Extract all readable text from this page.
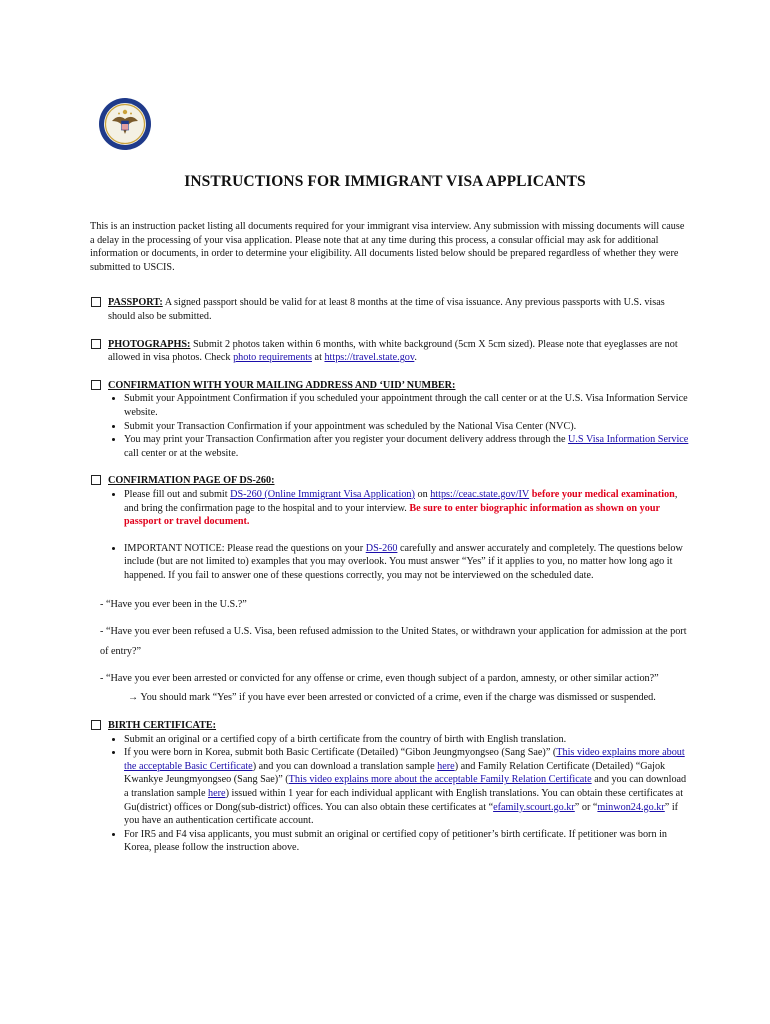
INSTRUCTIONS FOR IMMIGRANT VISA APPLICANTS

This is an instruction packet listing all documents required for your immigrant visa interview. Any submission with missing documents will cause a delay in the processing of your visa application. Please note that at any time during this process, a consular official may ask for additional information or documents, in order to determine your eligibility. All documents listed below should be prepared regardless of whether they were submitted to USCIS.

PASSPORT: A signed passport should be valid for at least 8 months at the time of visa issuance. Any previous passports with U.S. visas should also be submitted.
PHOTOGRAPHS: Submit 2 photos taken within 6 months, with white background (5cm X 5cm sized). Please note that eyeglasses are not allowed in visa photos. Check photo requirements at https://travel.state.gov.
CONFIRMATION WITH YOUR MAILING ADDRESS AND ‘UID’ NUMBER:
• Submit your Appointment Confirmation if you scheduled your appointment through the call center or at the U.S. Visa Information Service website.
• Submit your Transaction Confirmation if your appointment was scheduled by the National Visa Center (NVC).
• You may print your Transaction Confirmation after you register your document delivery address through the U.S Visa Information Service call center or at the website.
CONFIRMATION PAGE OF DS-260:
• Please fill out and submit DS-260 (Online Immigrant Visa Application) on https://ceac.state.gov/IV before your medical examination, and bring the confirmation page to the hospital and to your interview. Be sure to enter biographic information as shown on your passport or travel document.
• IMPORTANT NOTICE: Please read the questions on your DS-260 carefully and answer accurately and completely. The questions below include (but are not limited to) examples that you may overlook. You must answer “Yes” if it applies to you, no matter how long ago it happened. If you fail to answer one of these questions correctly, you may not be interviewed on the scheduled date.

- “Have you ever been in the U.S.?”

- “Have you ever been refused a U.S. Visa, been refused admission to the United States, or withdrawn your application for admission at the port of entry?”

- “Have you ever been arrested or convicted for any offense or crime, even though subject of a pardon, amnesty, or other similar action?”

→ You should mark “Yes” if you have ever been arrested or convicted of a crime, even if the charge was dismissed or suspended.

BIRTH CERTIFICATE:
• Submit an original or a certified copy of a birth certificate from the country of birth with English translation.
• If you were born in Korea, submit both Basic Certificate (Detailed) “Gibon Jeungmyongseo (Sang Sae)” (This video explains more about the acceptable Basic Certificate) and you can download a translation sample here) and Family Relation Certificate (Detailed) “Gajok Kwankye Jeungmyongseo (Sang Sae)” (This video explains more about the acceptable Family Relation Certificate and you can download a translation sample here) issued within 1 year for each individual applicant with English translations. You can obtain these certificates at Gu(district) offices or Dong(sub-district) offices. You can also obtain these certificates at “efamily.scourt.go.kr” or “minwon24.go.kr” if you have an authentication certificate account.
• For IR5 and F4 visa applicants, you must submit an original or certified copy of petitioner’s birth certificate. If petitioner was born in Korea, please follow the instruction above.
